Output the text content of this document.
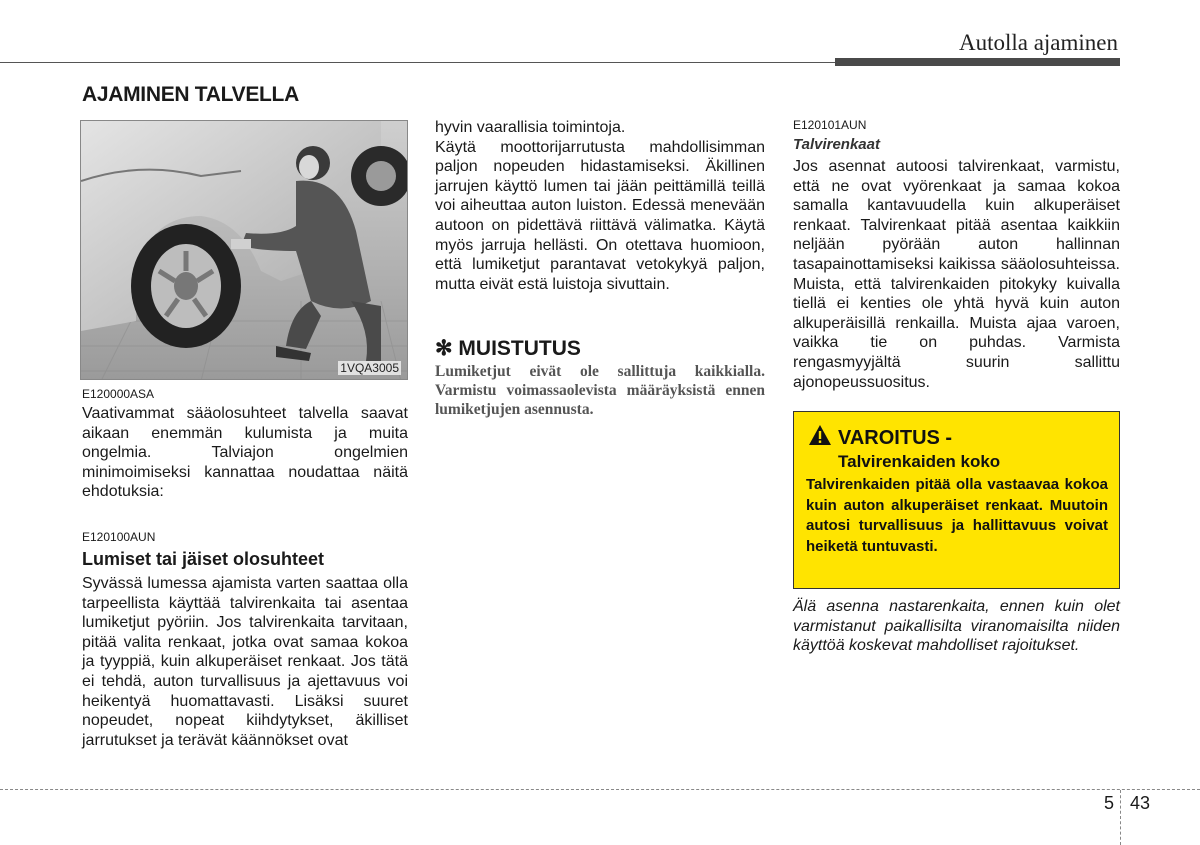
Autolla ajaminen
AJAMINEN TALVELLA
1VQA3005

E120000ASA

Vaativammat sääolosuhteet talvella saavat aikaan enemmän kulumista ja muita ongelmia. Talviajon ongelmien minimoimiseksi kannattaa noudattaa näitä ehdotuksia:

E120100AUN

Lumiset tai jäiset olosuhteet

Syvässä lumessa ajamista varten saattaa olla tarpeellista käyttää talvirenkaita tai asentaa lumiketjut pyöriin. Jos talvirenkaita tarvitaan, pitää valita renkaat, jotka ovat samaa kokoa ja tyyppiä, kuin alkuperäiset renkaat. Jos tätä ei tehdä, auton turvallisuus ja ajettavuus voi heikentyä huomattavasti. Lisäksi suuret nopeudet, nopeat kiihdytykset, äkilliset jarrutukset ja terävät käännökset ovat

hyvin vaarallisia toimintoja.

Käytä moottorijarrutusta mahdollisimman paljon nopeuden hidastamiseksi. Äkillinen jarrujen käyttö lumen tai jään peittämillä teillä voi aiheuttaa auton luiston. Edessä menevään autoon on pidettävä riittävä välimatka. Käytä myös jarruja hellästi. On otettava huomioon, että lumiketjut parantavat vetokykyä paljon, mutta eivät estä luistoja sivuttain.

✻ MUISTUTUS
Lumiketjut eivät ole sallittuja kaikkialla. Varmistu voimassaolevista määräyksistä ennen lumiketjujen asennusta.

E120101AUN

Talvirenkaat

Jos asennat autoosi talvirenkaat, varmistu, että ne ovat vyörenkaat ja samaa kokoa samalla kantavuudella kuin alkuperäiset renkaat. Talvirenkaat pitää asentaa kaikkiin neljään pyörään auton hallinnan tasapainottamiseksi kaikissa sääolosuhteissa. Muista, että talvirenkaiden pitokyky kuivalla tiellä ei kenties ole yhtä hyvä kuin auton alkuperäisillä renkailla. Muista ajaa varoen, vaikka tie on puhdas. Varmista rengasmyyjältä suurin sallittu ajonopeussuositus.

VAROITUS -
Talvirenkaiden koko
Talvirenkaiden pitää olla vastaavaa kokoa kuin auton alkuperäiset renkaat. Muutoin autosi turvallisuus ja hallittavuus voivat heiketä tuntuvasti.
Älä asenna nastarenkaita, ennen kuin olet varmistanut paikallisilta viranomaisilta niiden käyttöä koskevat mahdolliset rajoitukset.
5 43
